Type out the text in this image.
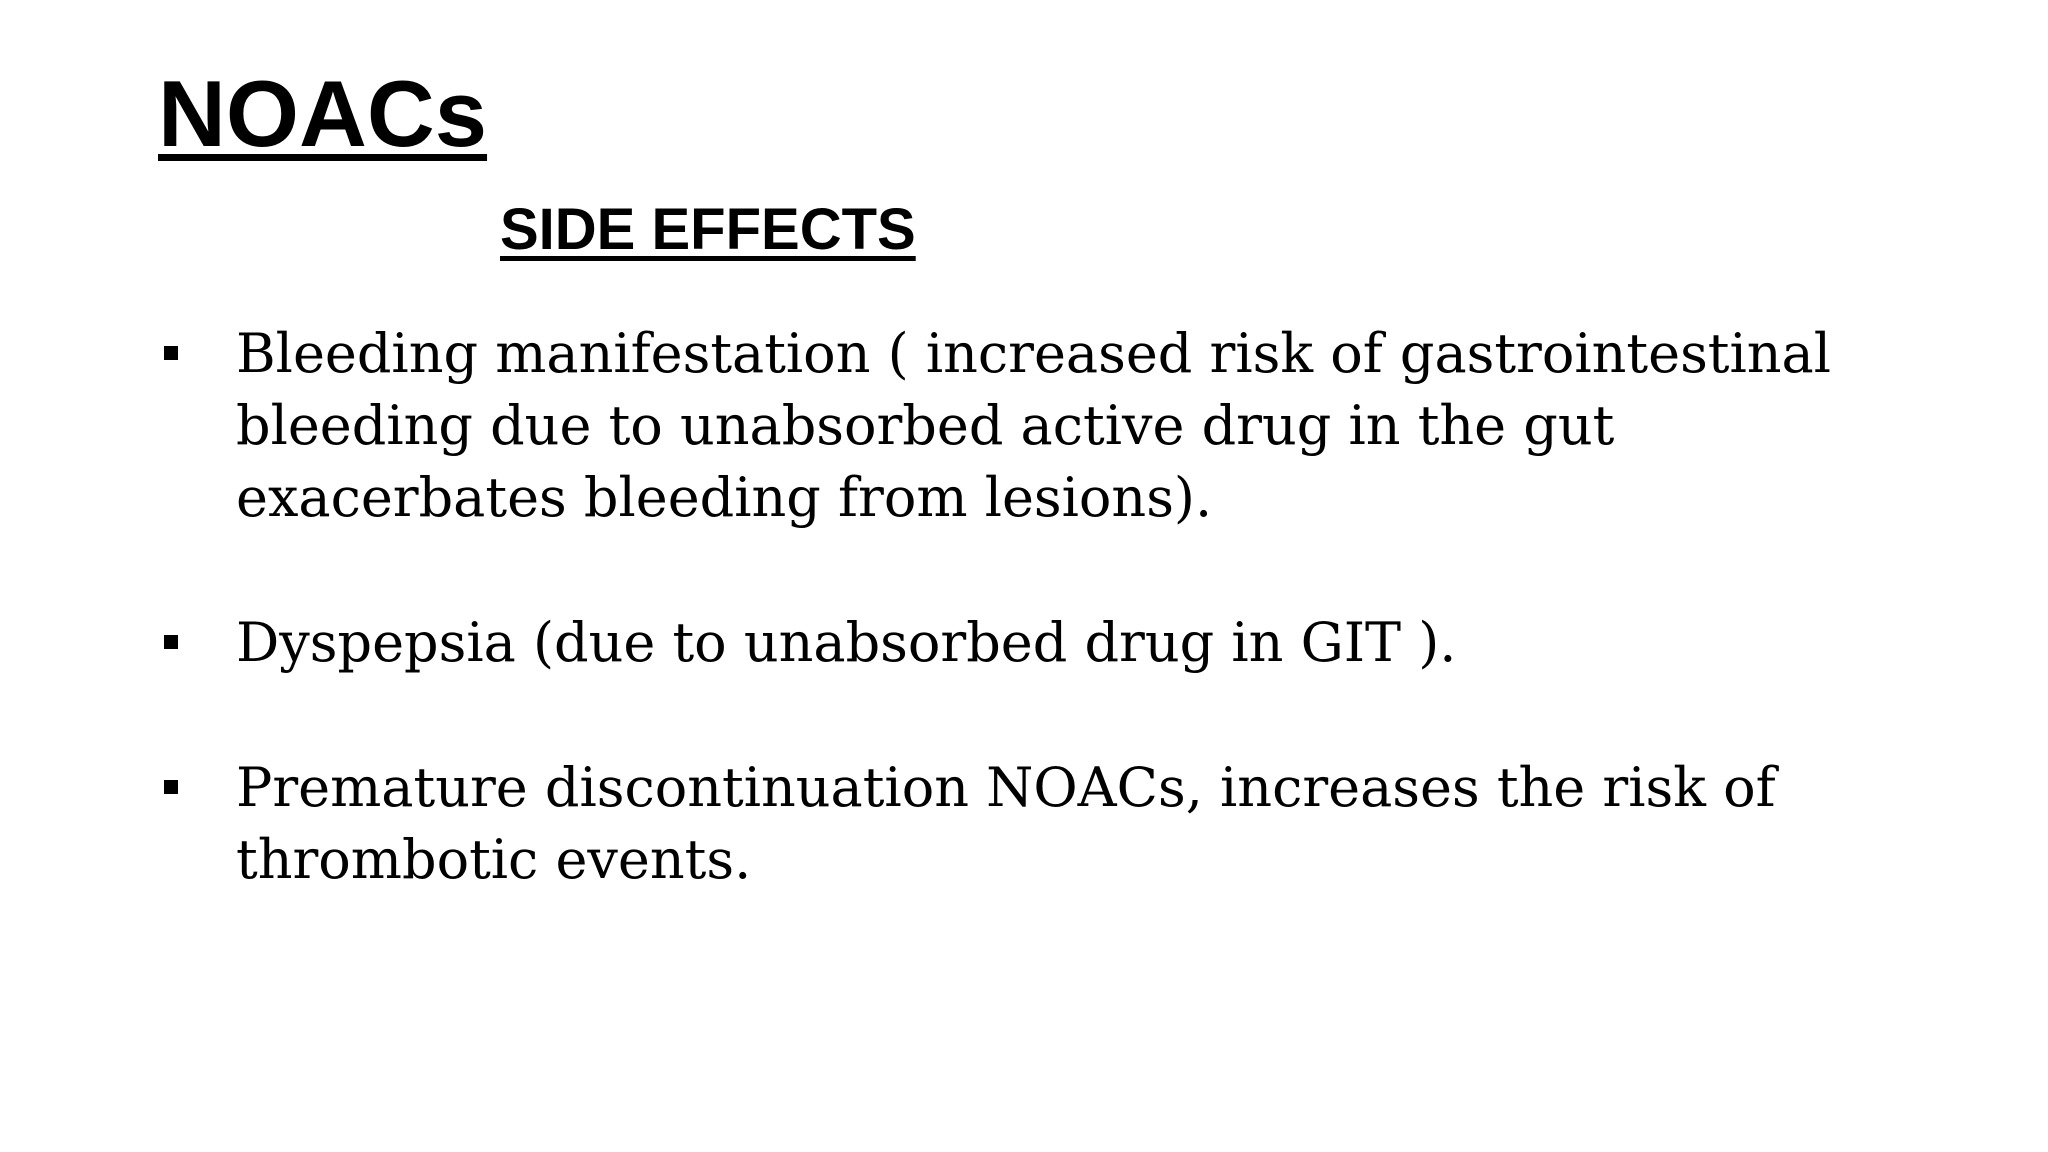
NOACs
SIDE EFFECTS
Bleeding manifestation ( increased risk of gastrointestinal bleeding due to unabsorbed active drug in the gut exacerbates bleeding from lesions).
Dyspepsia (due to unabsorbed drug in GIT ).
Premature discontinuation NOACs, increases the risk of thrombotic events.
